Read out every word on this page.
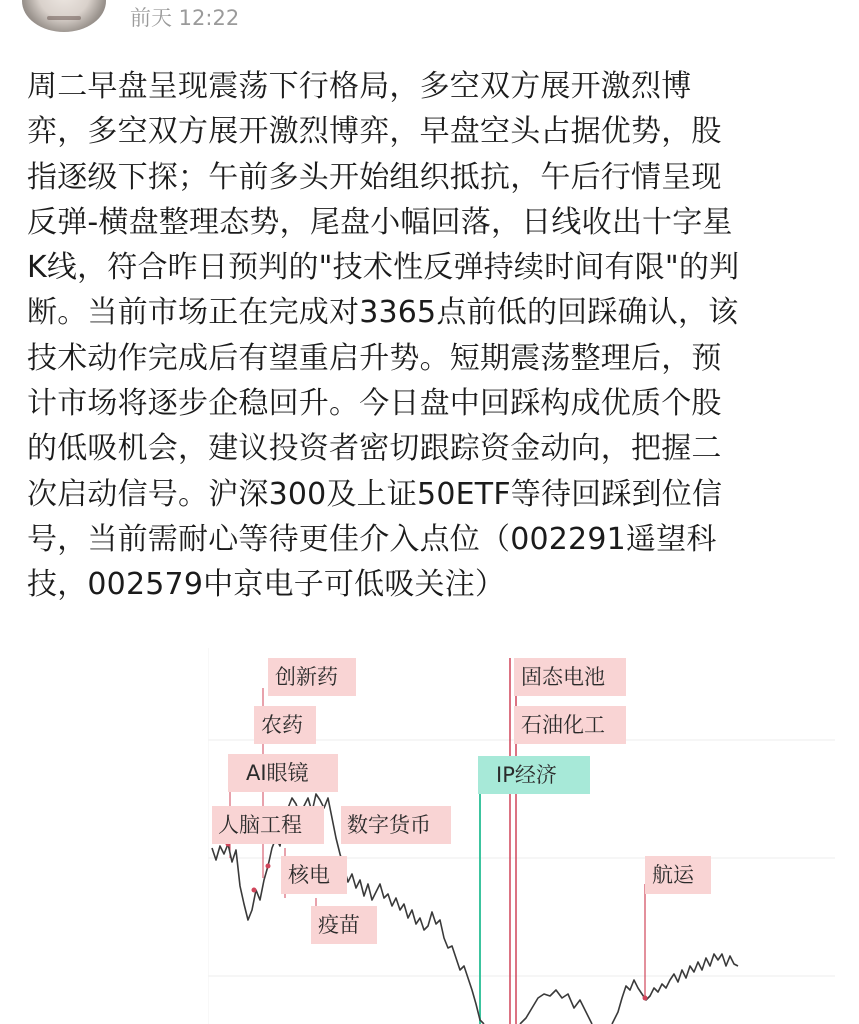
前天 12:22

周二早盘呈现震荡下行格局，多空双方展开激烈博
弈，多空双方展开激烈博弈，早盘空头占据优势，股
指逐级下探；午前多头开始组织抵抗，午后行情呈现
反弹-横盘整理态势，尾盘小幅回落，日线收出十字星
K线，符合昨日预判的"技术性反弹持续时间有限"的判
断。当前市场正在完成对3365点前低的回踩确认，该
技术动作完成后有望重启升势。短期震荡整理后，预
计市场将逐步企稳回升。今日盘中回踩构成优质个股
的低吸机会，建议投资者密切跟踪资金动向，把握二
次启动信号。沪深300及上证50ETF等待回踩到位信
号，当前需耐心等待更佳介入点位（002291遥望科
技，002579中京电子可低吸关注）

创新药
农药
AI眼镜
人脑工程 数字货币
核电
疫苗
固态电池
石油化工
IP经济
航运
